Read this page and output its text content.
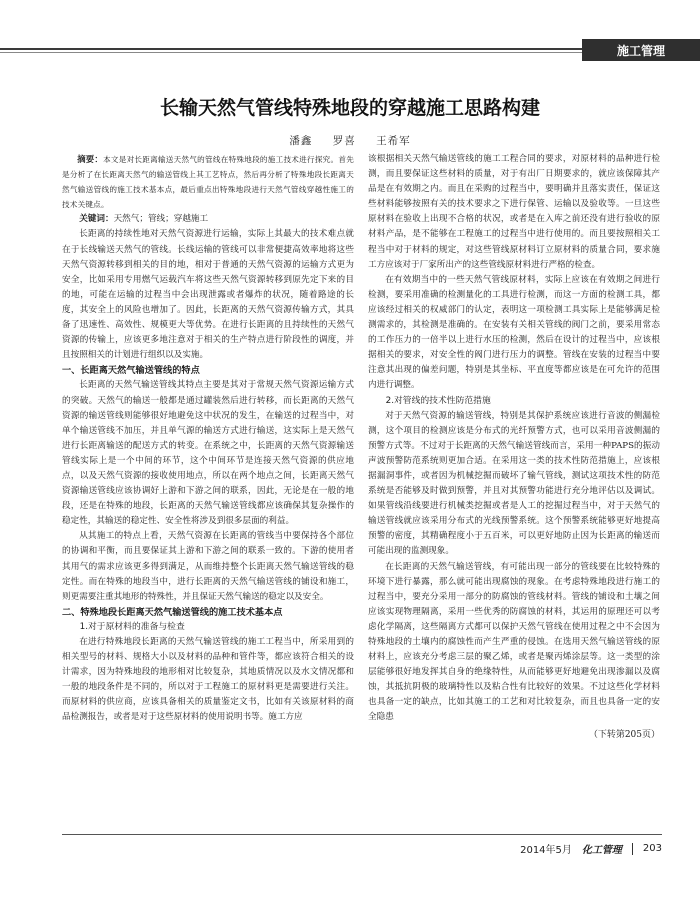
施工管理
长输天然气管线特殊地段的穿越施工思路构建
潘鑫 罗喜 王希军

摘要：本文是对长距离输送天然气的管线在特殊地段的施工技术进行探究。首先是分析了在长距离天然气的输送管线上其工艺特点，然后再分析了特殊地段长距离天然气输送管线的施工技术基本点，最后重点出特殊地段进行天然气管线穿越性施工的技术关键点。

关键词：天然气；管线；穿越施工

长距离的持续性地对天然气资源进行运输，实际上其最大的技术难点就在于长线输送天然气的管线。长线运输的管线可以非常便捷高效率地将这些天然气资源转移到相关的目的地，相对于普通的天然气资源的运输方式更为安全，比如采用专用燃气运载汽车将这些天然气资源转移到原先定下来的目的地，可能在运输的过程当中会出现泄露或者爆炸的状况，随着路途的长度，其安全上的风险也增加了。因此，长距离的天然气资源传输方式，其具备了迅速性、高效性、规模更大等优势。在进行长距离的且持续性的天然气资源的传输上，应该更多地注意对于相关的生产特点进行阶段性的调度，并且按照相关的计划进行组织以及实施。

一、长距离天然气输送管线的特点

长距离的天然气输送管线其特点主要是其对于常规天然气资源运输方式的突破。天然气的输送一般都是通过罐装然后进行转移，而长距离的天然气资源的输送管线则能够很好地避免这中状况的发生，在输送的过程当中，对单个输送管线不加压，并且单气源的输送方式进行输送，这实际上是天然气进行长距离输送的配送方式的转变。在系统之中，长距离的天然气资源输送管线实际上是一个中间的环节，这个中间环节是连接天然气资源的供应地点，以及天然气资源的接收使用地点，所以在两个地点之间，长距离天然气资源输送管线应该协调好上游和下游之间的联系，因此，无论是在一般的地段，还是在特殊的地段，长距离的天然气输送管线都应该确保其复杂操作的稳定性，其输送的稳定性、安全性将涉及到很多层面的利益。

从其施工的特点上看，天然气资源在长距离的管线当中要保持各个部位的协调和平衡，而且要保证其上游和下游之间的联系一致的。下游的使用者其用气的需求应该更多得到满足，从而维持整个长距离天然气输送管线的稳定性。而在特殊的地段当中，进行长距离的天然气输送管线的铺设和施工，则更需要注重其地形的特殊性，并且保证天然气输送的稳定以及安全。

二、特殊地段长距离天然气输送管线的施工技术基本点
1.对于原材料的准备与检查

在进行特殊地段长距离的天然气输送管线的施工工程当中，所采用到的相关型号的材料、规格大小以及材料的品种和管件等，都应该符合相关的设计需求，因为特殊地段的地形相对比较复杂，其地质情况以及水文情况都和一般的地段条件是不同的，所以对于工程施工的原材料更是需要进行关注。而原材料的供应商，应该具备相关的质量鉴定文书，比如有关该原材料的商品检测报告，或者是对于这些原材料的使用说明书等。施工方应

该根据相关天然气输送管线的施工工程合同的要求，对原材料的品种进行检测，而且要保证这些材料的质量，对于有出厂日期要求的，就应该保障其产品是在有效期之内。而且在采购的过程当中，要明确并且落实责任，保证这些材料能够按照有关的技术要求之下进行保管、运输以及验收等。一旦这些原材料在验收上出现不合格的状况，或者是在入库之前还没有进行验收的原材料产品，是不能够在工程施工的过程当中进行使用的。而且要按照相关工程当中对于材料的规定，对这些管线原材料订立原材料的质量合同，要求施工方应该对于厂家所出产的这些管线原材料进行严格的检查。

在有效期当中的一些天然气管线原材料，实际上应该在有效期之间进行检测，要采用准确的检测量化的工具进行检测，而这一方面的检测工具，都应该经过相关的权威部门的认定，表明这一项检测工具实际上是能够满足检测需求的，其检测是准确的。在安装有关相关管线的阀门之前，要采用常态的工作压力的一倍半以上进行水压的检测，然后在设计的过程当中，应该根据相关的要求，对安全性的阀门进行压力的调整。管线在安装的过程当中要注意其出现的偏差问题，特别是其坐标、平直度等都应该是在可允许的范围内进行调整。

2.对管线的技术性防范措施

对于天然气资源的输送管线，特别是其保护系统应该进行音波的侧漏检测，这个项目的检测应该是分布式的光纤预警方式，也可以采用音波侧漏的预警方式等。不过对于长距离的天然气输送管线而言，采用一种PAPS的振动声波预警防范系统则更加合适。在采用这一类的技术性防范措施上，应该根据漏洞事件，或者因为机械挖掘而破坏了输气管线，测试这项技术性的防范系统是否能够及时做到预警，并且对其预警功能进行充分地评估以及调试。如果管线沿线要进行机械类挖掘或者是人工的挖掘过程当中，对于天然气的输送管线就应该采用分布式的光线预警系统。这个预警系统能够更好地提高预警的密度，其精确程度小于五百米，可以更好地防止因为长距离的输送而可能出现的监测现象。

在长距离的天然气输送管线，有可能出现一部分的管线要在比较特殊的环境下进行暴露，那么就可能出现腐蚀的现象。在考虑特殊地段进行施工的过程当中，要充分采用一部分的防腐蚀的管线材料。管线的铺设和土壤之间应该实现物理隔离，采用一些优秀的防腐蚀的材料，其运用的原理还可以考虑化学隔离，这些隔离方式都可以保护天然气管线在使用过程之中不会因为特殊地段的土壤内的腐蚀性而产生严重的侵蚀。在选用天然气输送管线的原材料上，应该充分考虑三层的聚乙烯，或者是聚丙烯涂层等。这一类型的涂层能够很好地发挥其自身的绝缘特性，从而能够更好地避免出现渗漏以及腐蚀，其抵抗阴极的玻璃特性以及粘合性有比较好的效果。不过这些化学材料也具备一定的缺点，比如其施工的工艺和对比较复杂，而且也具备一定的安全隐患

（下转第205页）
2014年5月 化工管理 203
